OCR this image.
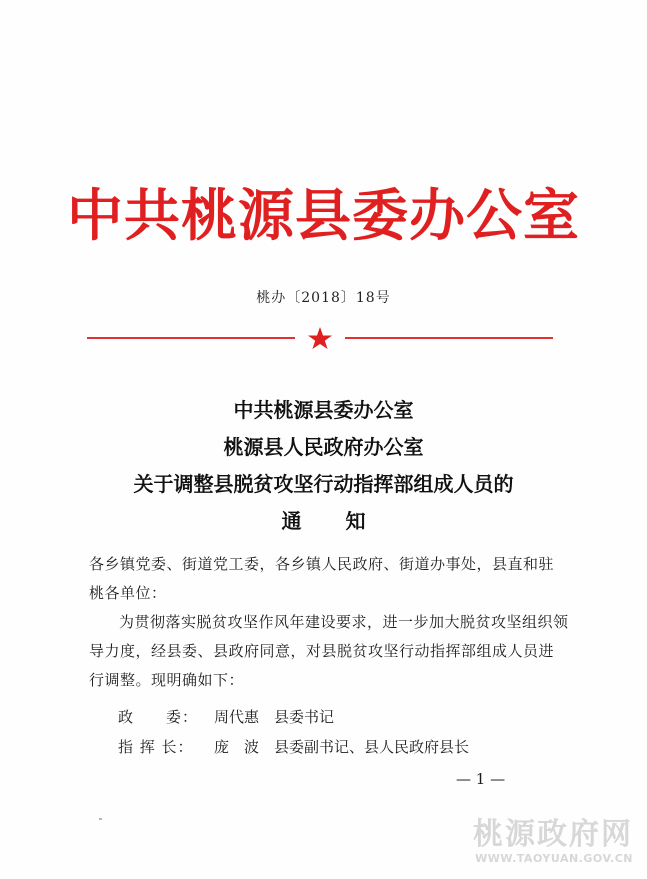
中共桃源县委办公室
桃办〔2018〕18号
中共桃源县委办公室
桃源县人民政府办公室
关于调整县脱贫攻坚行动指挥部组成人员的
通知

各乡镇党委、街道党工委，各乡镇人民政府、街道办事处，县直和驻桃各单位：

为贯彻落实脱贫攻坚作风年建设要求，进一步加大脱贫攻坚组织领导力度，经县委、县政府同意，对县脱贫攻坚行动指挥部组成人员进行调整。现明确如下：

政　　委： 周代惠　县委书记
指 挥 长： 庞　波　县委副书记、县人民政府县长
— 1 —
桃源政府网
WWW.TAOYUAN.GOV.CN
